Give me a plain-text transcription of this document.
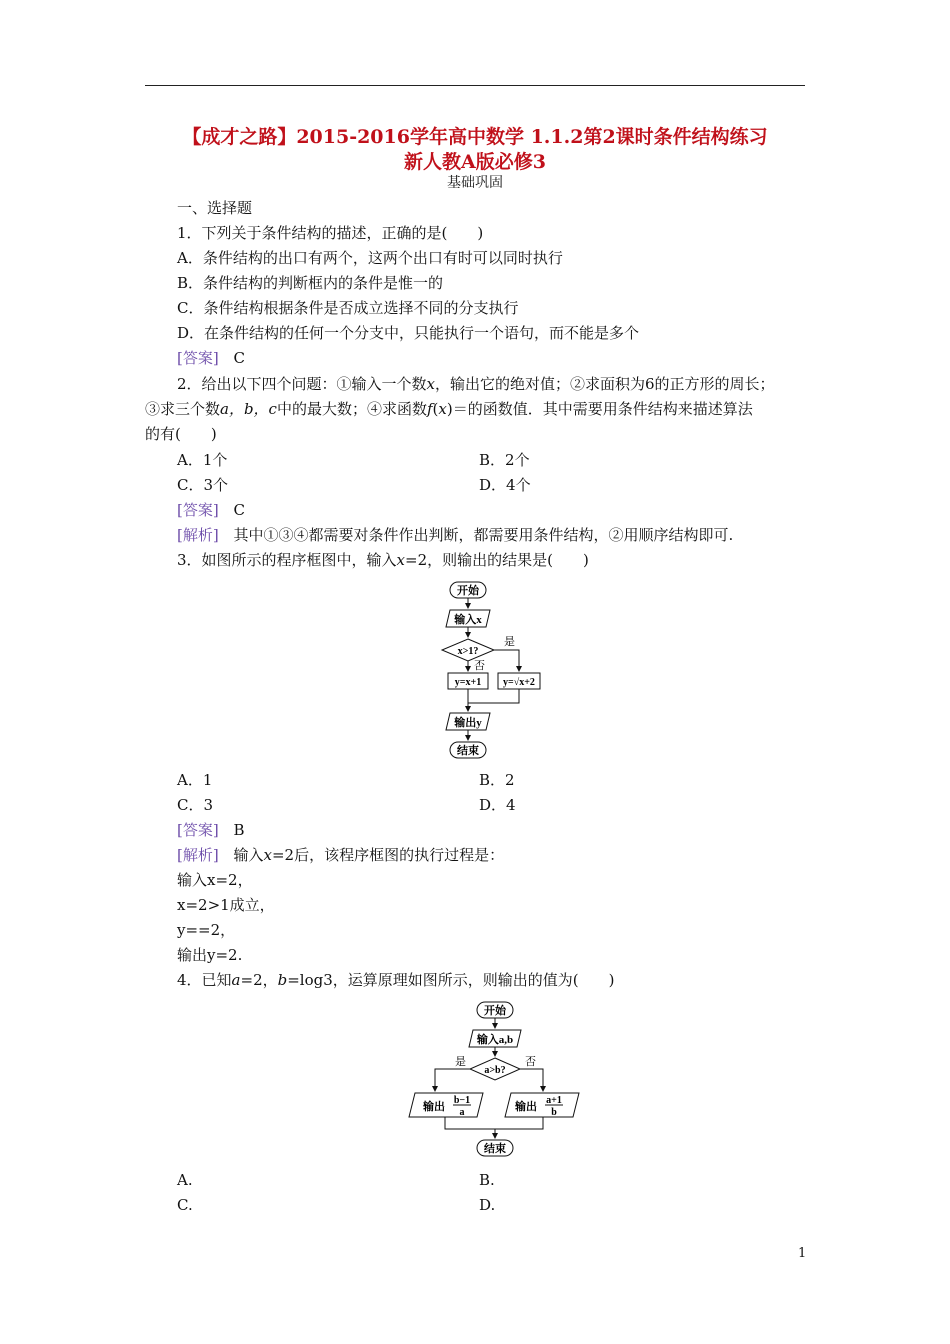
【成才之路】2015-2016学年高中数学 1.1.2第2课时条件结构练习
新人教A版必修3
基础巩固
一、选择题
1．下列关于条件结构的描述，正确的是(　　)
A．条件结构的出口有两个，这两个出口有时可以同时执行
B．条件结构的判断框内的条件是惟一的
C．条件结构根据条件是否成立选择不同的分支执行
D．在条件结构的任何一个分支中，只能执行一个语句，而不能是多个
[答案] C
2．给出以下四个问题：①输入一个数x，输出它的绝对值；②求面积为6的正方形的周长；
③求三个数a，b，c中的最大数；④求函数f(x)＝的函数值．其中需要用条件结构来描述算法
的有(　　)
A．1个	B．2个
C．3个	D．4个
[答案] C
[解析] 其中①③④都需要对条件作出判断，都需要用条件结构，②用顺序结构即可.
3．如图所示的程序框图中，输入x=2，则输出的结果是(　　)
开始
输入x
x>1?
是
否
y=x+1 y=√x+2
输出y
结束
A．1	B．2
C．3	D．4
[答案] B
[解析] 输入x=2后，该程序框图的执行过程是：
输入x=2，
x=2>1成立，
y==2，
输出y=2.
4．已知a=2，b=log3，运算原理如图所示，则输出的值为(　　)
开始
输入a,b
a>b?
是	否
输出
b−1
a	输出
a+1
b
结束
A.	B.
C.	D.
1
